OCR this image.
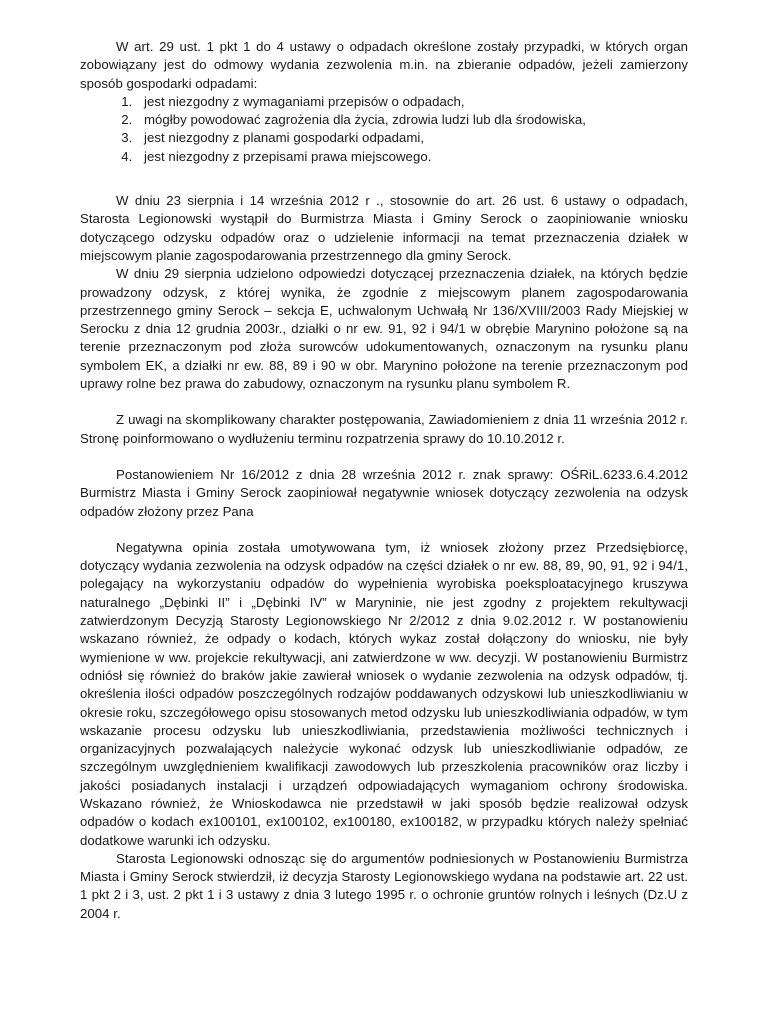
W art. 29 ust. 1 pkt 1 do 4 ustawy o odpadach określone zostały przypadki, w których organ zobowiązany jest do odmowy wydania zezwolenia m.in. na zbieranie odpadów, jeżeli zamierzony sposób gospodarki odpadami:

1. jest niezgodny z wymaganiami przepisów o odpadach,
2. mógłby powodować zagrożenia dla życia, zdrowia ludzi lub dla środowiska,
3. jest niezgodny z planami gospodarki odpadami,
4. jest niezgodny z przepisami prawa miejscowego.

W dniu 23 sierpnia i 14 września 2012 r ., stosownie do art. 26 ust. 6 ustawy o odpadach, Starosta Legionowski wystąpił do Burmistrza Miasta i Gminy Serock o zaopiniowanie wniosku dotyczącego odzysku odpadów oraz o udzielenie informacji na temat przeznaczenia działek w miejscowym planie zagospodarowania przestrzennego dla gminy Serock.

W dniu 29 sierpnia udzielono odpowiedzi dotyczącej przeznaczenia działek, na których będzie prowadzony odzysk, z której wynika, że zgodnie z miejscowym planem zagospodarowania przestrzennego gminy Serock – sekcja E, uchwalonym Uchwałą Nr 136/XVIII/2003 Rady Miejskiej w Serocku z dnia 12 grudnia 2003r., działki o nr ew. 91, 92 i 94/1 w obrębie Marynino położone są na terenie przeznaczonym pod złoża surowców udokumentowanych, oznaczonym na rysunku planu symbolem EK, a działki nr ew. 88, 89 i 90 w obr. Marynino położone na terenie przeznaczonym pod uprawy rolne bez prawa do zabudowy, oznaczonym na rysunku planu symbolem R.

Z uwagi na skomplikowany charakter postępowania, Zawiadomieniem z dnia 11 września 2012 r. Stronę poinformowano o wydłużeniu terminu rozpatrzenia sprawy do 10.10.2012 r.

Postanowieniem Nr 16/2012 z dnia 28 września 2012 r. znak sprawy: OŚRiL.6233.6.4.2012 Burmistrz Miasta i Gminy Serock zaopiniował negatywnie wniosek dotyczący zezwolenia na odzysk odpadów złożony przez Pana

Negatywna opinia została umotywowana tym, iż wniosek złożony przez Przedsiębiorcę, dotyczący wydania zezwolenia na odzysk odpadów na części działek o nr ew. 88, 89, 90, 91, 92 i 94/1, polegający na wykorzystaniu odpadów do wypełnienia wyrobiska poeksploatacyjnego kruszywa naturalnego „Dębinki II” i „Dębinki IV” w Maryninie, nie jest zgodny z projektem rekultywacji zatwierdzonym Decyzją Starosty Legionowskiego Nr 2/2012 z dnia 9.02.2012 r. W postanowieniu wskazano również, że odpady o kodach, których wykaz został dołączony do wniosku, nie były wymienione w ww. projekcie rekultywacji, ani zatwierdzone w ww. decyzji. W postanowieniu Burmistrz odniósł się również do braków jakie zawierał wniosek o wydanie zezwolenia na odzysk odpadów, tj. określenia ilości odpadów poszczególnych rodzajów poddawanych odzyskowi lub unieszkodliwianiu w okresie roku, szczegółowego opisu stosowanych metod odzysku lub unieszkodliwiania odpadów, w tym wskazanie procesu odzysku lub unieszkodliwiania, przedstawienia możliwości technicznych i organizacyjnych pozwalających należycie wykonać odzysk lub unieszkodliwianie odpadów, ze szczególnym uwzględnieniem kwalifikacji zawodowych lub przeszkolenia pracowników oraz liczby i jakości posiadanych instalacji i urządzeń odpowiadających wymaganiom ochrony środowiska. Wskazano również, że Wnioskodawca nie przedstawił w jaki sposób będzie realizował odzysk odpadów o kodach ex100101, ex100102, ex100180, ex100182, w przypadku których należy spełniać dodatkowe warunki ich odzysku.

Starosta Legionowski odnosząc się do argumentów podniesionych w Postanowieniu Burmistrza Miasta i Gminy Serock stwierdził, iż decyzja Starosty Legionowskiego wydana na podstawie art. 22 ust. 1 pkt 2 i 3, ust. 2 pkt 1 i 3 ustawy z dnia 3 lutego 1995 r. o ochronie gruntów rolnych i leśnych (Dz.U z 2004 r.
